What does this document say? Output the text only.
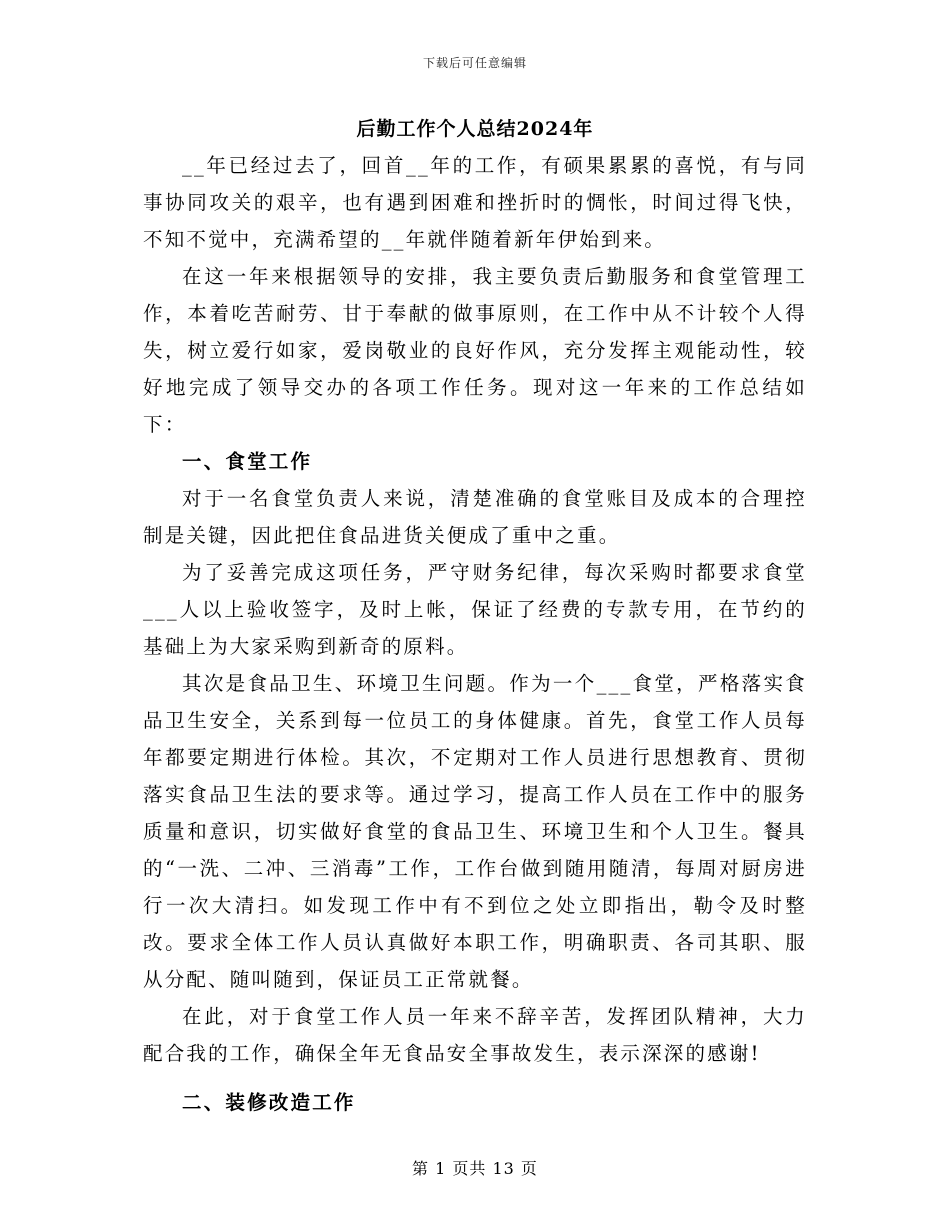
下载后可任意编辑
后勤工作个人总结2024年

__年已经过去了，回首__年的工作，有硕果累累的喜悦，有与同事协同攻关的艰辛，也有遇到困难和挫折时的惆怅，时间过得飞快，不知不觉中，充满希望的__年就伴随着新年伊始到来。

在这一年来根据领导的安排，我主要负责后勤服务和食堂管理工作，本着吃苦耐劳、甘于奉献的做事原则，在工作中从不计较个人得失，树立爱行如家，爱岗敬业的良好作风，充分发挥主观能动性，较好地完成了领导交办的各项工作任务。现对这一年来的工作总结如下：

一、食堂工作

对于一名食堂负责人来说，清楚准确的食堂账目及成本的合理控制是关键，因此把住食品进货关便成了重中之重。

为了妥善完成这项任务，严守财务纪律，每次采购时都要求食堂___人以上验收签字，及时上帐，保证了经费的专款专用，在节约的基础上为大家采购到新奇的原料。

其次是食品卫生、环境卫生问题。作为一个___食堂，严格落实食品卫生安全，关系到每一位员工的身体健康。首先，食堂工作人员每年都要定期进行体检。其次，不定期对工作人员进行思想教育、贯彻落实食品卫生法的要求等。通过学习，提高工作人员在工作中的服务质量和意识，切实做好食堂的食品卫生、环境卫生和个人卫生。餐具的“一洗、二冲、三消毒”工作，工作台做到随用随清，每周对厨房进行一次大清扫。如发现工作中有不到位之处立即指出，勒令及时整改。要求全体工作人员认真做好本职工作，明确职责、各司其职、服从分配、随叫随到，保证员工正常就餐。

在此，对于食堂工作人员一年来不辞辛苦，发挥团队精神，大力配合我的工作，确保全年无食品安全事故发生，表示深深的感谢!

二、装修改造工作
第 1 页共 13 页
